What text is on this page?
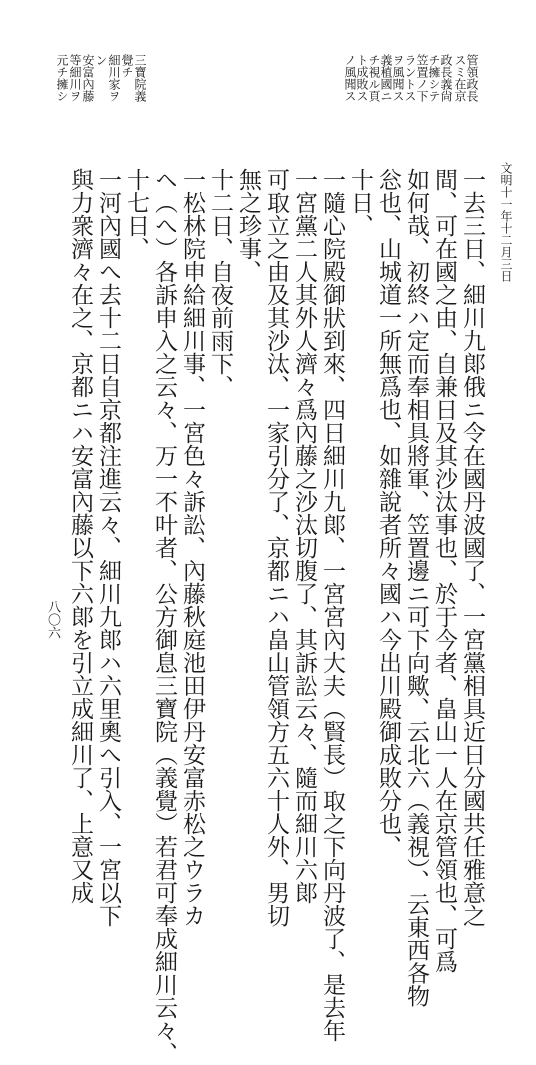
文明十一年十二月三日
管領政長
スミ在京
政長義尙
チ擁シテ
笠置ノ下
ラントス
ヲ風聞ス
義稙國ニ
チ視ル頁
ト成敗ス
ノ風聞ス
三寶院義
覺チ
細川家ヲ
ン
安富內藤
等細川ヲ
元チ擁シ
一去三日、細川九郞俄ニ令在國丹波國了、一宮黨相具近日分國共任雅意之
間、可在國之由、自兼日及其沙汰事也、於于今者、畠山一人在京管領也、可爲
如何哉、初終ハ定而奉相具將軍、笠置邊ニ可下向歟、云北六（義視）、云東西各物
忩也、山城道一所無爲也、如雜說者所々國ハ今出川殿御成敗分也、
十日、
一隨心院殿御狀到來、四日細川九郞、一宮宮內大夫（賢長）取之下向丹波了、是去年
一宮黨二人其外人濟々爲內藤之沙汰切腹了、其訴訟云々、隨而細川六郞
可取立之由及其沙汰、一家引分了、京都ニハ畠山管領方五六十人外、男切
無之珍事、
十二日、自夜前雨下、
一松林院申給細川事、一宮色々訴訟、內藤秋庭池田伊丹安富赤松之ウラカ
ヘ（へ）各訴申入之云々、万一不叶者、公方御息三寶院（義覺）若君可奉成細川云々、
十七日、
一河內國へ去十二日自京都注進云々、細川九郞ハ六里奧へ引入、一宮以下
與力衆濟々在之、京都ニハ安富內藤以下六郞を引立成細川了、上意又成
八〇六
